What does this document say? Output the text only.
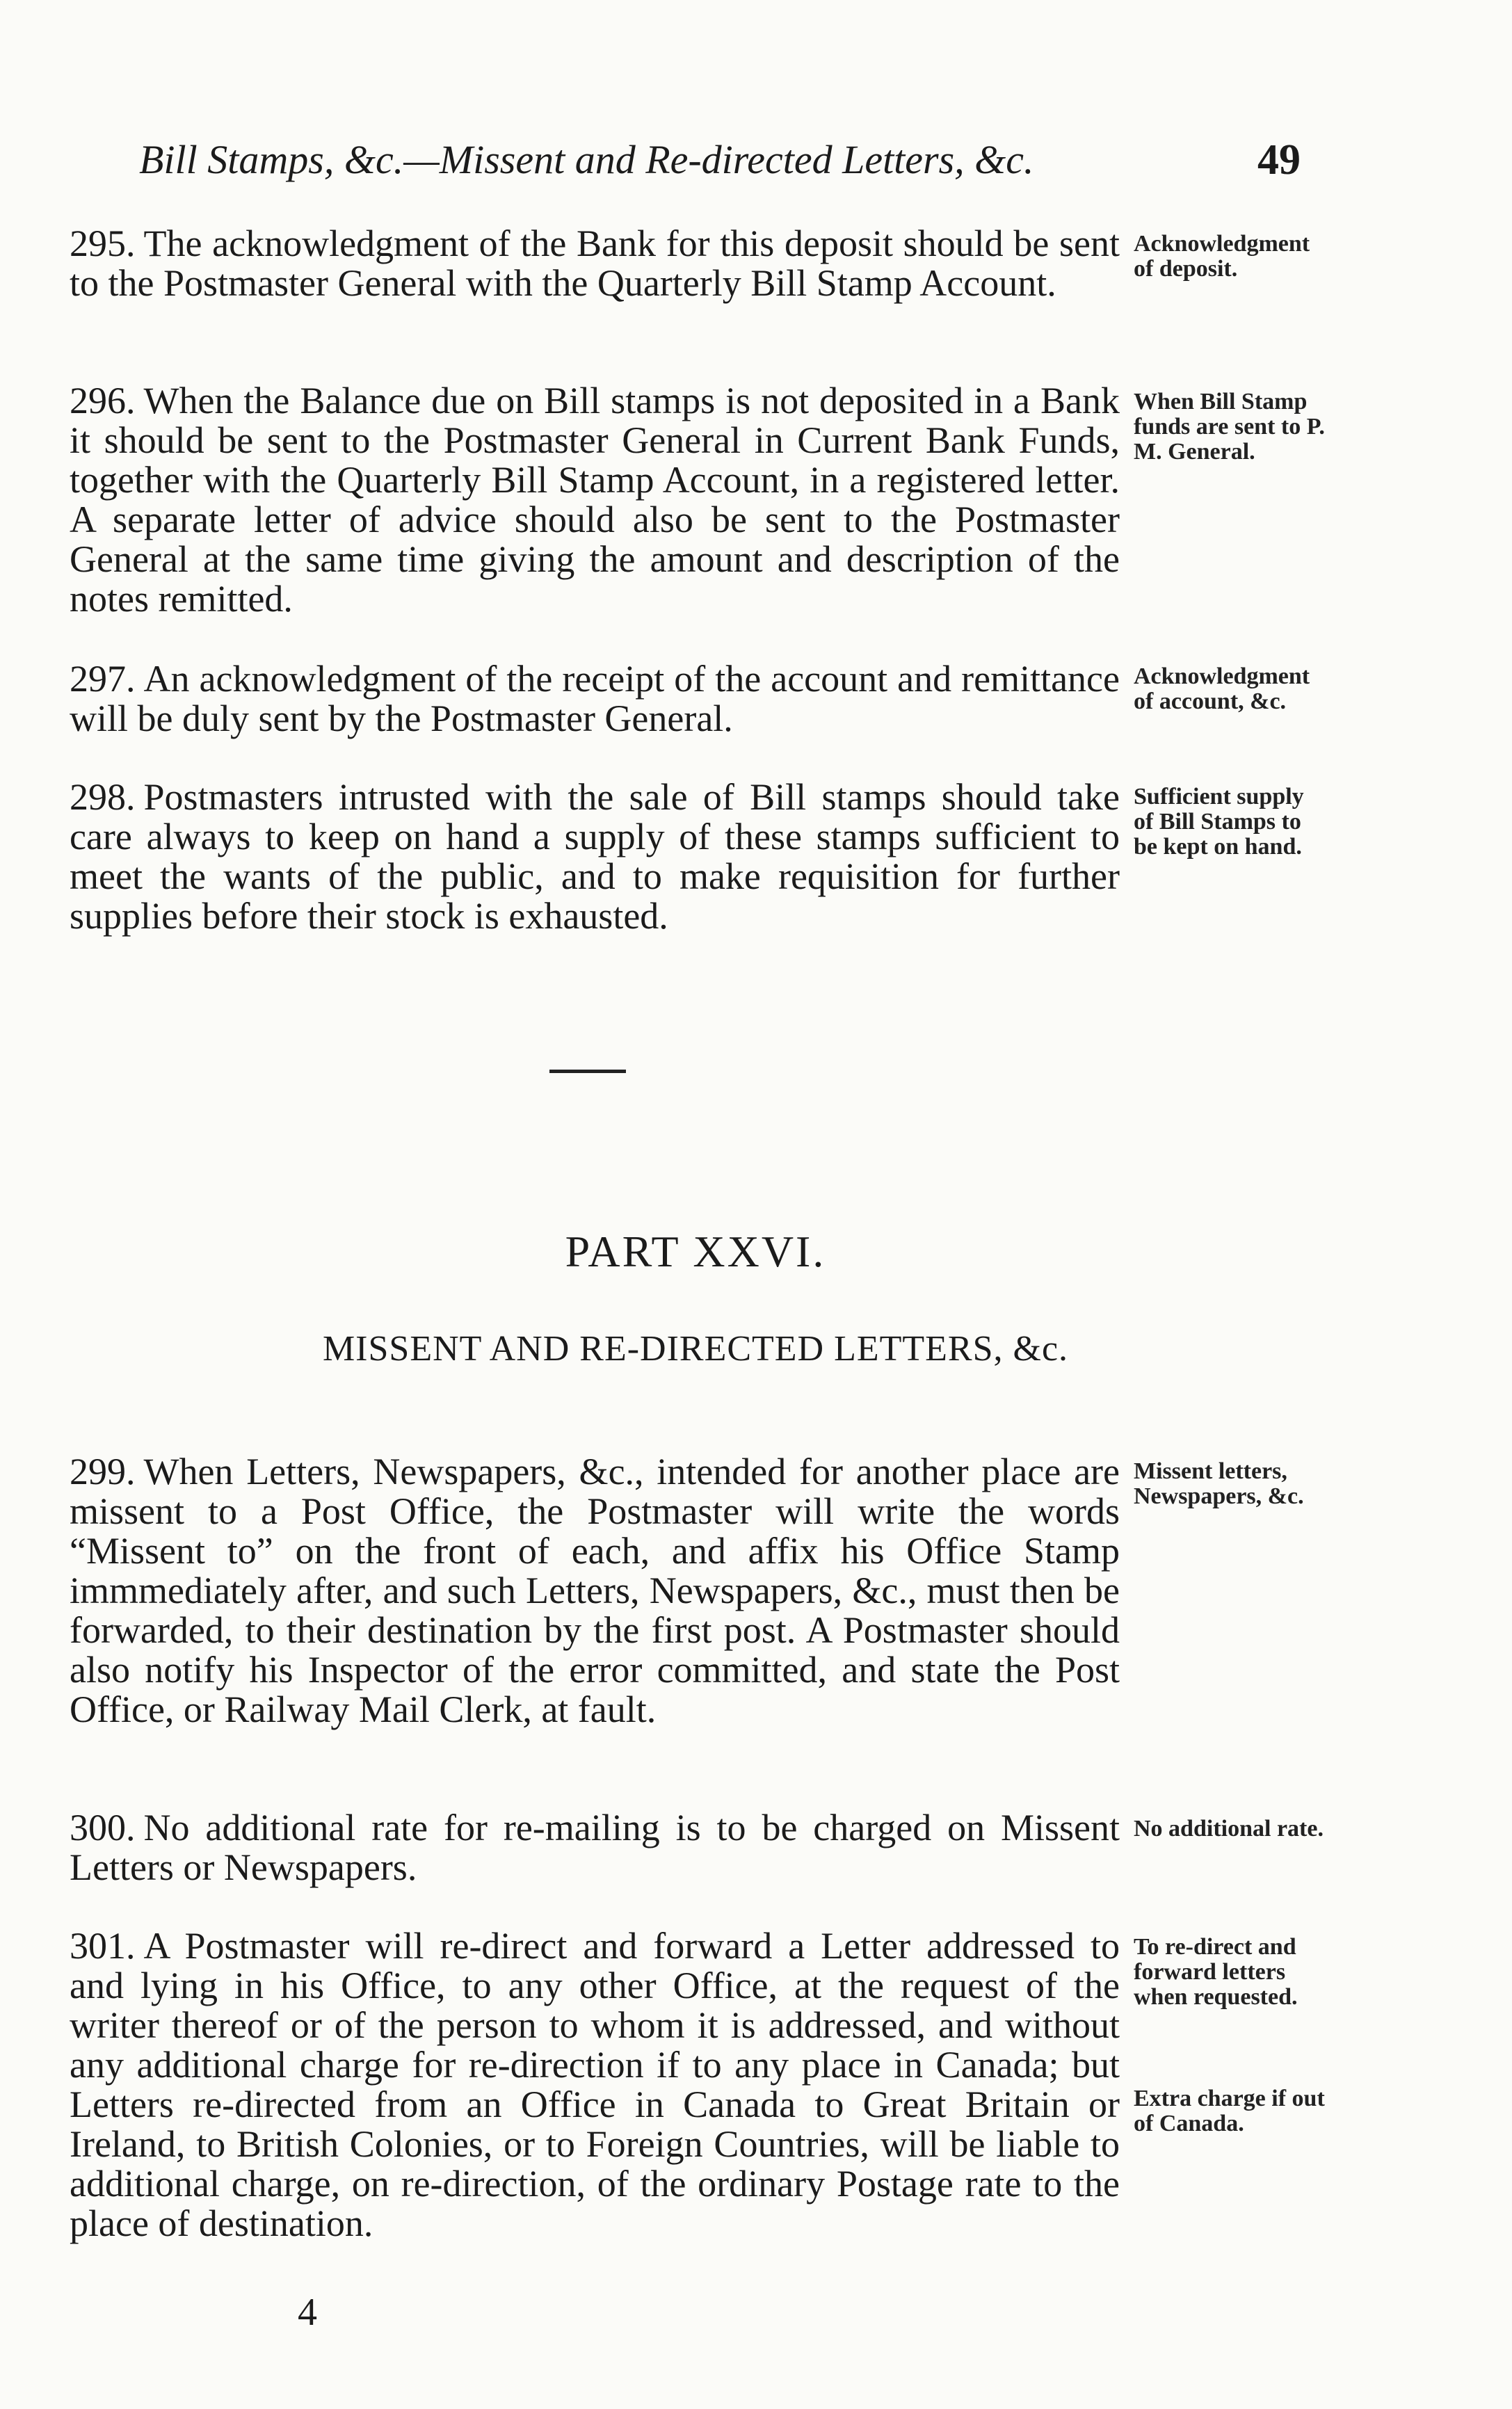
Bill Stamps, &c.—Missent and Re-directed Letters, &c.	49

295. The acknowledgment of the Bank for this deposit should be sent to the Postmaster General with the Quarterly Bill Stamp Account.

Acknowledgment of deposit.

296. When the Balance due on Bill stamps is not deposited in a Bank it should be sent to the Postmaster General in Current Bank Funds, together with the Quarterly Bill Stamp Account, in a registered letter. A separate letter of advice should also be sent to the Postmaster General at the same time giving the amount and description of the notes remitted.

When Bill Stamp funds are sent to P. M. General.

297. An acknowledgment of the receipt of the account and remittance will be duly sent by the Postmaster General.

Acknowledgment of account, &c.

298. Postmasters intrusted with the sale of Bill stamps should take care always to keep on hand a supply of these stamps sufficient to meet the wants of the public, and to make requisition for further supplies before their stock is exhausted.

Sufficient supply of Bill Stamps to be kept on hand.
PART XXVI.
MISSENT AND RE-DIRECTED LETTERS, &c.

299. When Letters, Newspapers, &c., intended for another place are missent to a Post Office, the Postmaster will write the words “Missent to” on the front of each, and affix his Office Stamp immmediately after, and such Letters, Newspapers, &c., must then be forwarded, to their destination by the first post. A Postmaster should also notify his Inspector of the error committed, and state the Post Office, or Railway Mail Clerk, at fault.

Missent letters, Newspapers, &c.

300. No additional rate for re-mailing is to be charged on Missent Letters or Newspapers.

No additional rate.

301. A Postmaster will re-direct and forward a Letter addressed to and lying in his Office, to any other Office, at the request of the writer thereof or of the person to whom it is addressed, and without any additional charge for re-direction if to any place in Canada; but Letters re-directed from an Office in Canada to Great Britain or Ireland, to British Colonies, or to Foreign Countries, will be liable to additional charge, on re-direction, of the ordinary Postage rate to the place of destination.

To re-direct and forward letters when requested.
Extra charge if out of Canada.
4
